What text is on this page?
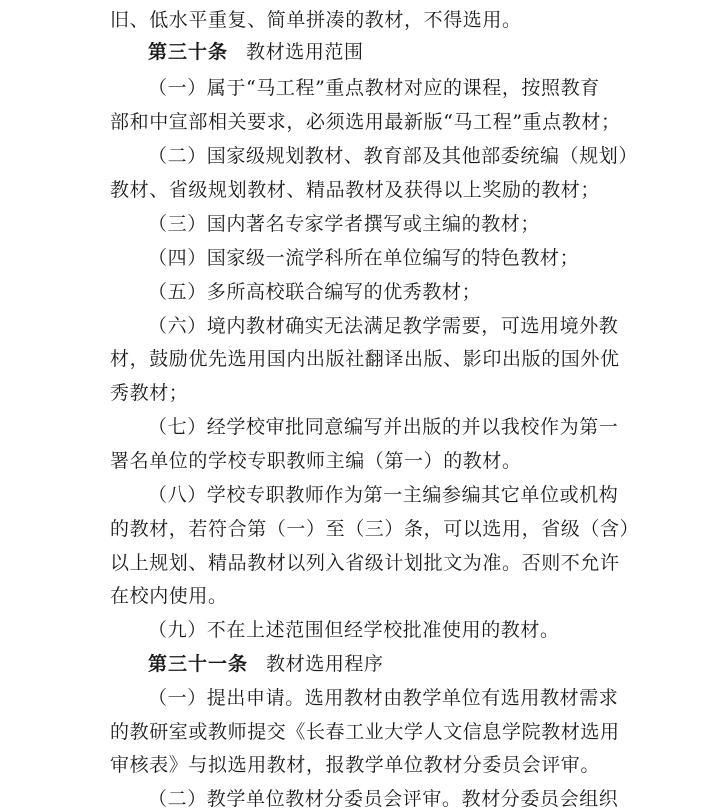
旧、低水平重复、简单拼凑的教材，不得选用。
第三十条 教材选用范围
（一）属于“马工程”重点教材对应的课程，按照教育
部和中宣部相关要求，必须选用最新版“马工程”重点教材；
（二）国家级规划教材、教育部及其他部委统编（规划）
教材、省级规划教材、精品教材及获得以上奖励的教材；
（三）国内著名专家学者撰写或主编的教材；
（四）国家级一流学科所在单位编写的特色教材；
（五）多所高校联合编写的优秀教材；
（六）境内教材确实无法满足教学需要，可选用境外教
材，鼓励优先选用国内出版社翻译出版、影印出版的国外优
秀教材；
（七）经学校审批同意编写并出版的并以我校作为第一
署名单位的学校专职教师主编（第一）的教材。
（八）学校专职教师作为第一主编参编其它单位或机构
的教材，若符合第（一）至（三）条，可以选用，省级（含）
以上规划、精品教材以列入省级计划批文为准。否则不允许
在校内使用。
（九）不在上述范围但经学校批准使用的教材。
第三十一条 教材选用程序
（一）提出申请。选用教材由教学单位有选用教材需求
的教研室或教师提交《长春工业大学人文信息学院教材选用
审核表》与拟选用教材，报教学单位教材分委员会评审。
（二）教学单位教材分委员会评审。教材分委员会组织
